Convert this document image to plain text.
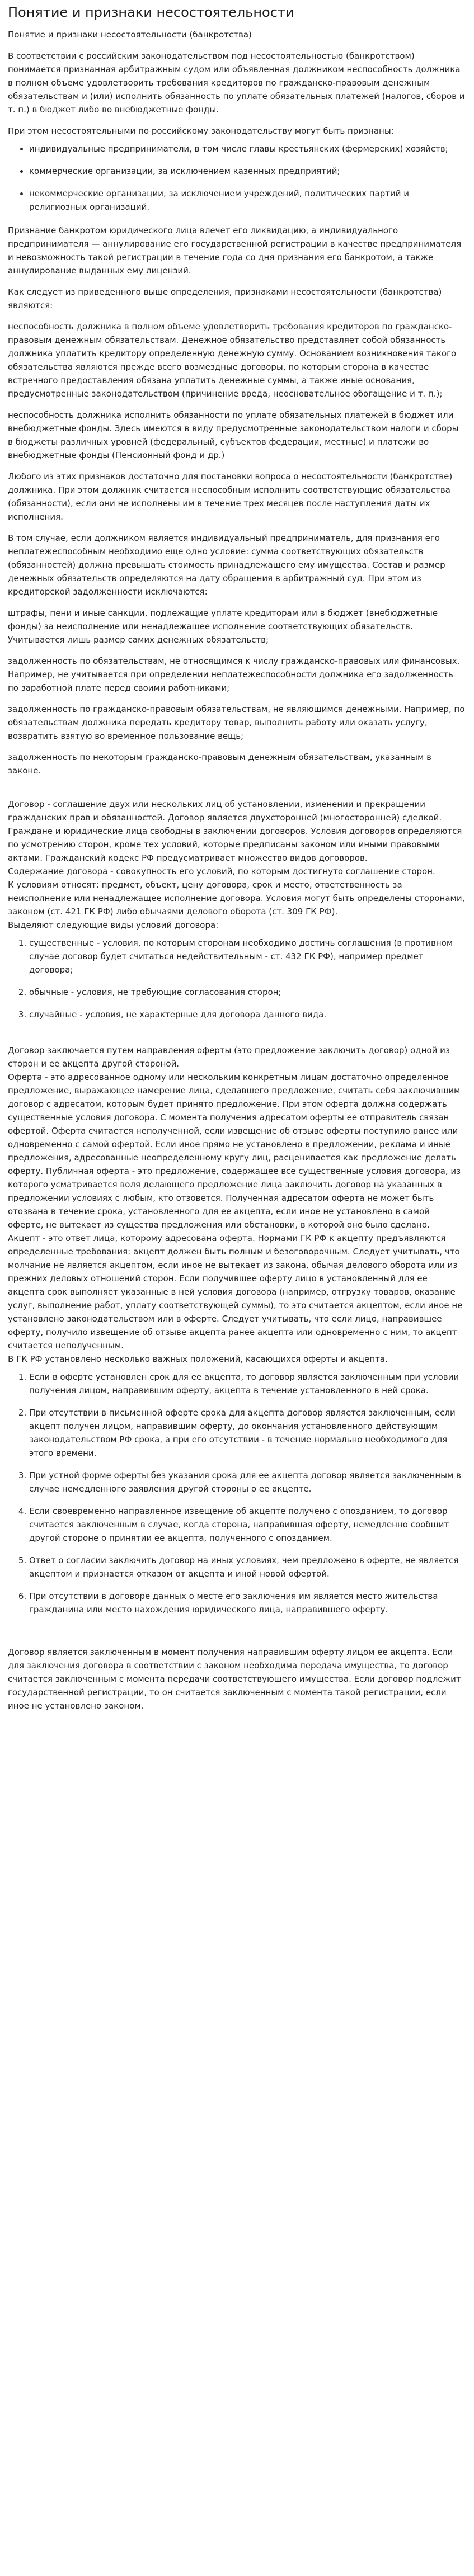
Понятие и признаки несостоятельности

Понятие и признаки несостоятельности (банкротства)

В соответствии с российским законодательством под несостоятельностью (банкротством) понимается признанная арбитражным судом или объявленная должником неспособность должника в полном объеме удовлетворить требования кредиторов по гражданско-правовым денежным обязательствам и (или) исполнить обязанность по уплате обязательных платежей (налогов, сборов и т. п.) в бюджет либо во внебюджетные фонды.

При этом несостоятельными по российскому законодательству могут быть признаны:

• индивидуальные предприниматели, в том числе главы крестьянских (фермерских) хозяйств;
• коммерческие организации, за исключением казенных предприятий;
• некоммерческие организации, за исключением учреждений, политических партий и религиозных организаций.

Признание банкротом юридического лица влечет его ликвидацию, а индивидуального предпринимателя — аннулирование его государственной регистрации в качестве предпринимателя и невозможность такой регистрации в течение года со дня признания его банкротом, а также аннулирование выданных ему лицензий.

Как следует из приведенного выше определения, признаками несостоятельности (банкротства) являются:

неспособность должника в полном объеме удовлетворить требования кредиторов по гражданско-правовым денежным обязательствам. Денежное обязательство представляет собой обязанность должника уплатить кредитору определенную денежную сумму. Основанием возникновения такого обязательства являются прежде всего возмездные договоры, по которым сторона в качестве встречного предоставления обязана уплатить денежные суммы, а также иные основания, предусмотренные законодательством (причинение вреда, неосновательное обогащение и т. п.);

неспособность должника исполнить обязанности по уплате обязательных платежей в бюджет или внебюджетные фонды. Здесь имеются в виду предусмотренные законодательством налоги и сборы в бюджеты различных уровней (федеральный, субъектов федерации, местные) и платежи во внебюджетные фонды (Пенсионный фонд и др.)

Любого из этих признаков достаточно для постановки вопроса о несостоятельности (банкротстве) должника. При этом должник считается неспособным исполнить соответствующие обязательства (обязанности), если они не исполнены им в течение трех месяцев после наступления даты их исполнения.

В том случае, если должником является индивидуальный предприниматель, для признания его неплатежеспособным необходимо еще одно условие: сумма соответствующих обязательств (обязанностей) должна превышать стоимость принадлежащего ему имущества. Состав и размер денежных обязательств определяются на дату обращения в арбитражный суд. При этом из кредиторской задолженности исключаются:

штрафы, пени и иные санкции, подлежащие уплате кредиторам или в бюджет (внебюджетные фонды) за неисполнение или ненадлежащее исполнение соответствующих обязательств. Учитывается лишь размер самих денежных обязательств;

задолженность по обязательствам, не относящимся к числу гражданско-правовых или финансовых. Например, не учитывается при определении неплатежеспособности должника его задолженность по заработной плате перед своими работниками;

задолженность по гражданско-правовым обязательствам, не являющимся денежными. Например, по обязательствам должника передать кредитору товар, выполнить работу или оказать услугу, возвратить взятую во временное пользование вещь;

задолженность по некоторым гражданско-правовым денежным обязательствам, указанным в законе.

Договор - соглашение двух или нескольких лиц об установлении, изменении и прекращении гражданских прав и обязанностей. Договор является двухсторонней (многосторонней) сделкой. Граждане и юридические лица свободны в заключении договоров. Условия договоров определяются по усмотрению сторон, кроме тех условий, которые предписаны законом или иными правовыми актами. Гражданский кодекс РФ предусматривает множество видов договоров.

Содержание договора - совокупность его условий, по которым достигнуто соглашение сторон.

К условиям относят: предмет, объект, цену договора, срок и место, ответственность за неисполнение или ненадлежащее исполнение договора. Условия могут быть определены сторонами, законом (ст. 421 ГК РФ) либо обычаями делового оборота (ст. 309 ГК РФ).

Выделяют следующие виды условий договора:

1. существенные - условия, по которым сторонам необходимо достичь соглашения (в противном случае договор будет считаться недействительным - ст. 432 ГК РФ), например предмет договора;
2. обычные - условия, не требующие согласования сторон;
3. случайные - условия, не характерные для договора данного вида.

Договор заключается путем направления оферты (это предложение заключить договор) одной из сторон и ее акцепта другой стороной.

Оферта - это адресованное одному или нескольким конкретным лицам достаточно определенное предложение, выражающее намерение лица, сделавшего предложение, считать себя заключившим договор с адресатом, которым будет принято предложение. При этом оферта должна содержать существенные условия договора. С момента получения адресатом оферты ее отправитель связан офертой. Оферта считается неполученной, если извещение об отзыве оферты поступило ранее или одновременно с самой офертой. Если иное прямо не установлено в предложении, реклама и иные предложения, адресованные неопределенному кругу лиц, расценивается как предложение делать оферту. Публичная оферта - это предложение, содержащее все существенные условия договора, из которого усматривается воля делающего предложение лица заключить договор на указанных в предложении условиях с любым, кто отзовется. Полученная адресатом оферта не может быть отозвана в течение срока, установленного для ее акцепта, если иное не установлено в самой оферте, не вытекает из существа предложения или обстановки, в которой оно было сделано.

Акцепт - это ответ лица, которому адресована оферта. Нормами ГК РФ к акцепту предъявляются определенные требования: акцепт должен быть полным и безоговорочным. Следует учитывать, что молчание не является акцептом, если иное не вытекает из закона, обычая делового оборота или из прежних деловых отношений сторон. Если получившее оферту лицо в установленный для ее акцепта срок выполняет указанные в ней условия договора (например, отгрузку товаров, оказание услуг, выполнение работ, уплату соответствующей суммы), то это считается акцептом, если иное не установлено законодательством или в оферте. Следует учитывать, что если лицо, направившее оферту, получило извещение об отзыве акцепта ранее акцепта или одновременно с ним, то акцепт считается неполученным.

В ГК РФ установлено несколько важных положений, касающихся оферты и акцепта.

1. Если в оферте установлен срок для ее акцепта, то договор является заключенным при условии получения лицом, направившим оферту, акцепта в течение установленного в ней срока.
2. При отсутствии в письменной оферте срока для акцепта договор является заключенным, если акцепт получен лицом, направившим оферту, до окончания установленного действующим законодательством РФ срока, а при его отсутствии - в течение нормально необходимого для этого времени.
3. При устной форме оферты без указания срока для ее акцепта договор является заключенным в случае немедленного заявления другой стороны о ее акцепте.
4. Если своевременно направленное извещение об акцепте получено с опозданием, то договор считается заключенным в случае, когда сторона, направившая оферту, немедленно сообщит другой стороне о принятии ее акцепта, полученного с опозданием.
5. Ответ о согласии заключить договор на иных условиях, чем предложено в оферте, не является акцептом и признается отказом от акцепта и иной новой офертой.
6. При отсутствии в договоре данных о месте его заключения им является место жительства гражданина или место нахождения юридического лица, направившего оферту.

Договор является заключенным в момент получения направившим оферту лицом ее акцепта. Если для заключения договора в соответствии с законом необходима передача имущества, то договор считается заключенным с момента передачи соответствующего имущества. Если договор подлежит государственной регистрации, то он считается заключенным с момента такой регистрации, если иное не установлено законом.
